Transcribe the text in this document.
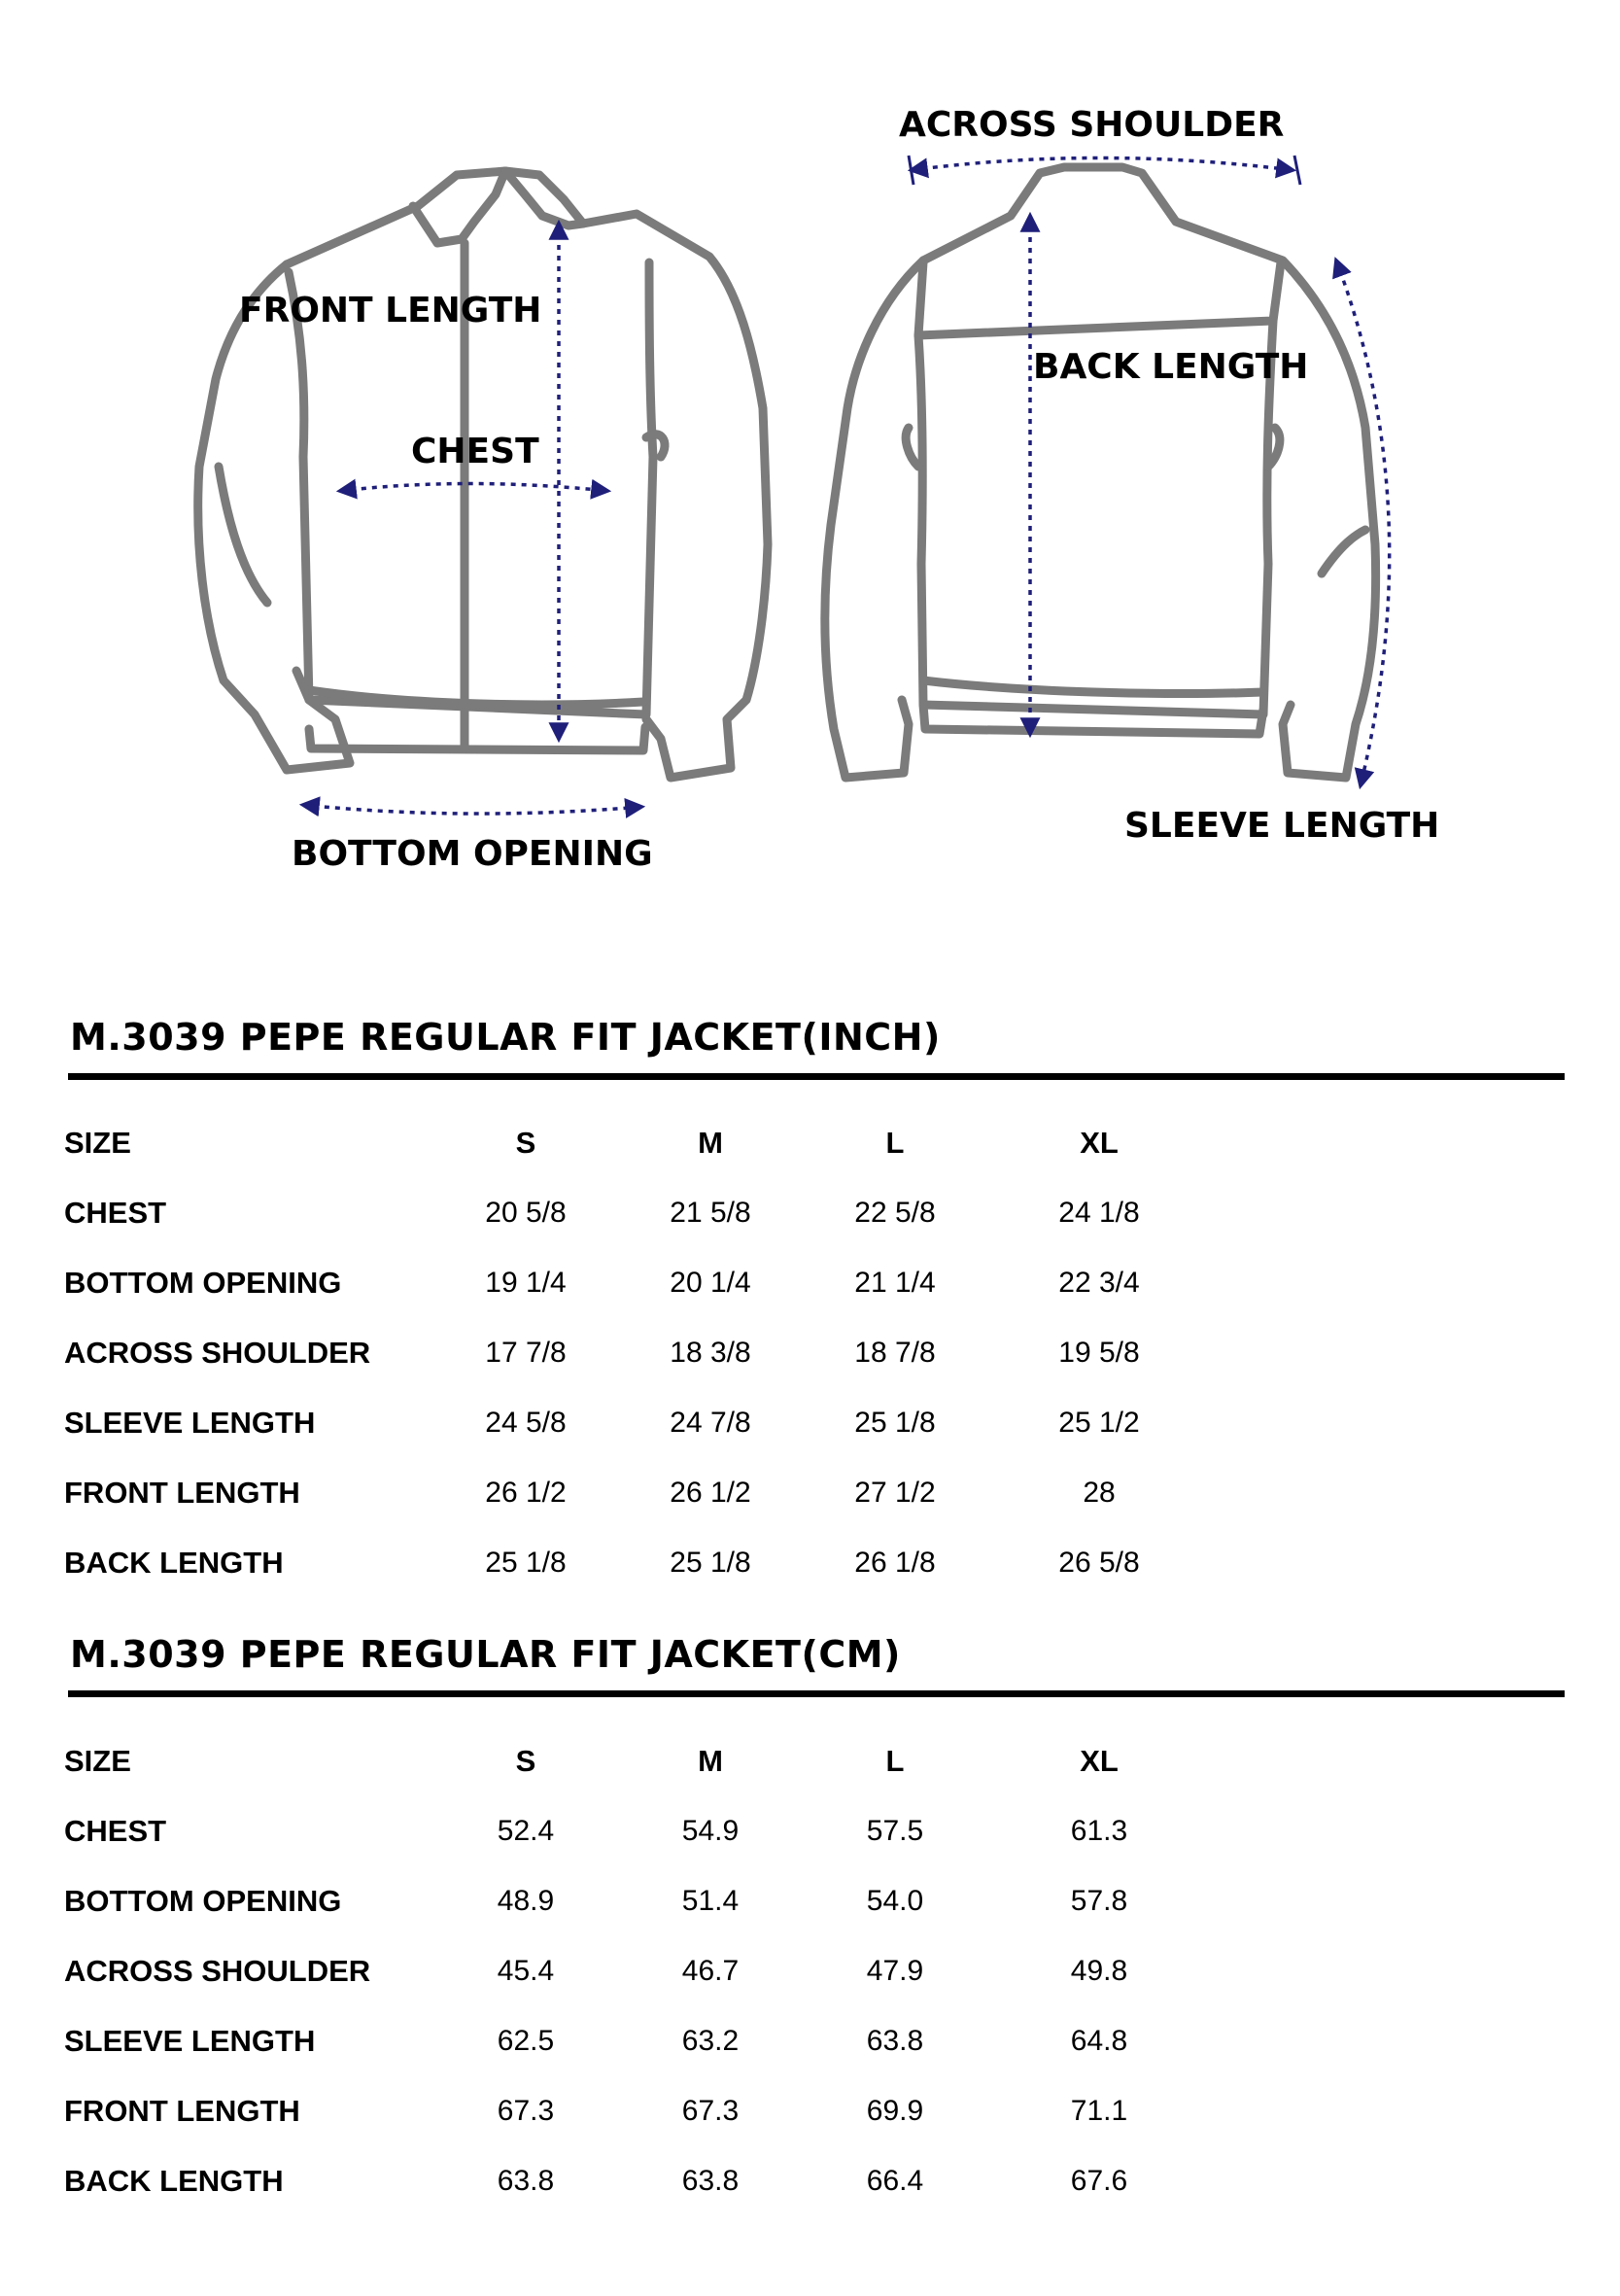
FRONT LENGTH
CHEST
BOTTOM OPENING
ACROSS SHOULDER
BACK LENGTH
SLEEVE LENGTH
M.3039 PEPE REGULAR FIT JACKET(INCH)
SIZE	S	M	L	XL
CHEST	20 5/8	21 5/8	22 5/8	24 1/8
BOTTOM OPENING	19 1/4	20 1/4	21 1/4	22 3/4
ACROSS SHOULDER	17 7/8	18 3/8	18 7/8	19 5/8
SLEEVE LENGTH	24 5/8	24 7/8	25 1/8	25 1/2
FRONT LENGTH	26 1/2	26 1/2	27 1/2	28
BACK LENGTH	25 1/8	25 1/8	26 1/8	26 5/8
M.3039 PEPE REGULAR FIT JACKET(CM)
SIZE	S	M	L	XL
CHEST	52.4	54.9	57.5	61.3
BOTTOM OPENING	48.9	51.4	54.0	57.8
ACROSS SHOULDER	45.4	46.7	47.9	49.8
SLEEVE LENGTH	62.5	63.2	63.8	64.8
FRONT LENGTH	67.3	67.3	69.9	71.1
BACK LENGTH	63.8	63.8	66.4	67.6
